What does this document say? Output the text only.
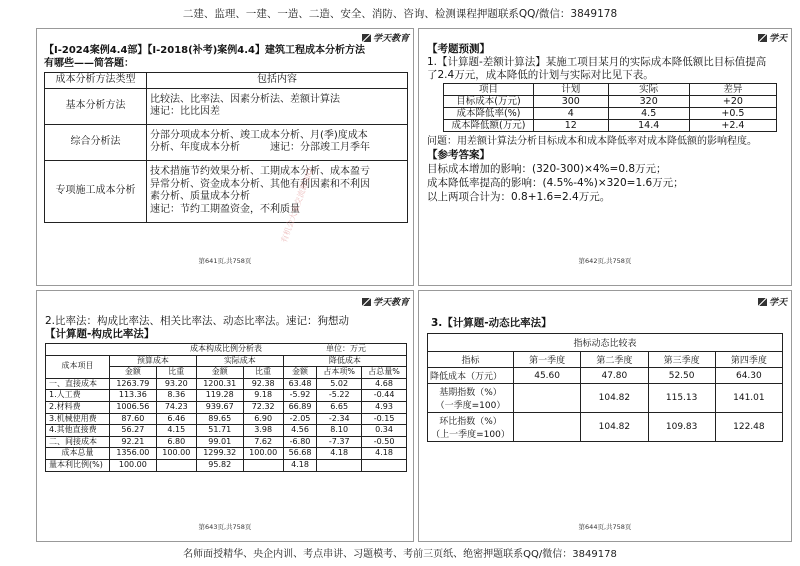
二建、监理、一建、一造、二造、安全、消防、咨询、检测课程押题联系QQ/微信：3849178
学天教育
【Ⅰ-2024案例4.4部】【Ⅰ-2018(补考)案例4.4】建筑工程成本分析方法
有哪些——简答题：
成本分析方法类型	包括内容
基本分析方法	比较法、比率法、因素分析法、差额计算法
速记：比比因差

综合分析法	分部分项成本分析、竣工成本分析、月(季)度成本
分析、年度成本分析　　　速记：分部竣工月季年

专项施工成本分析	技术措施节约效果分析、工期成本分析、成本盈亏
异常分析、资金成本分析、其他有利因素和不利因
素分析、质量成本分析
速记：节约工期盈资金，不利质量
有机会大家交流群加Q:
第641页,共758页
学天
【考题预测】
1.【计算题-差额计算法】某施工项目某月的实际成本降低额比目标值提高
了2.4万元，成本降低的计划与实际对比见下表。
项目	计划	实际	差异
目标成本(万元)	300	320	+20
成本降低率(%)	4	4.5	+0.5
成本降低额(万元)	12	14.4	+2.4
问题：用差额计算法分析目标成本和成本降低率对成本降低额的影响程度。
【参考答案】
目标成本增加的影响：(320-300)×4%=0.8万元；
成本降低率提高的影响：(4.5%-4%)×320=1.6万元；
以上两项合计为：0.8+1.6=2.4万元。
第642页,共758页
学天教育
2.比率法：构成比率法、相关比率法、动态比率法。速记：狗想动
【计算题-构成比率法】
成本构成比例分析表 单位：万元							

成本项目	预算成本		实际成本		降低成本		
	金额	比重	金额	比重	金额	占本项%	占总量%
一、直接成本	1263.79	93.20	1200.31	92.38	63.48	5.02	4.68
1.人工费	113.36	8.36	119.28	9.18	-5.92	-5.22	-0.44
2.材料费	1006.56	74.23	939.67	72.32	66.89	6.65	4.93
3.机械使用费	87.60	6.46	89.65	6.90	-2.05	-2.34	-0.15
4.其他直接费	56.27	4.15	51.71	3.98	4.56	8.10	0.34
二、间接成本	92.21	6.80	99.01	7.62	-6.80	-7.37	-0.50
成本总量	1356.00	100.00	1299.32	100.00	56.68	4.18	4.18
量本利比例(%)	100.00		95.82		4.18		
第643页,共758页
学天
3.【计算题-动态比率法】
指标动态比较表				
指标	第一季度	第二季度	第三季度	第四季度
降低成本（万元）	45.60	47.80	52.50	64.30

基期指数（%）
（一季度=100）		104.82	115.13	141.01

环比指数（%）
（上一季度=100）		104.82	109.83	122.48
第644页,共758页
名师面授精华、央企内训、考点串讲、习题模考、考前三页纸、绝密押题联系QQ/微信：3849178
